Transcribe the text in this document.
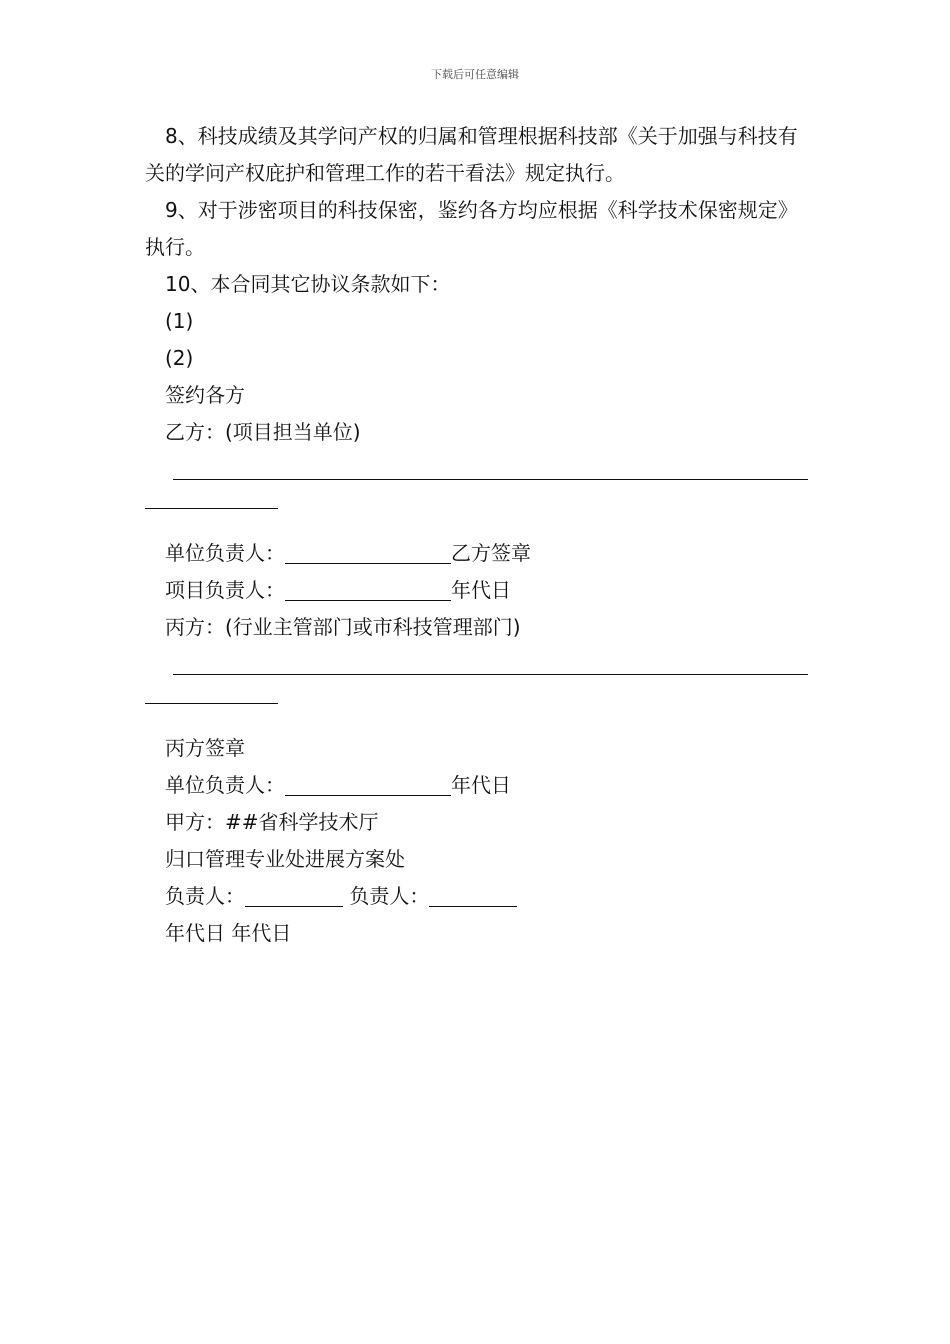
下载后可任意编辑

8、科技成绩及其学问产权的归属和管理根据科技部《关于加强与科技有关的学问产权庇护和管理工作的若干看法》规定执行。

9、对于涉密项目的科技保密，鉴约各方均应根据《科学技术保密规定》执行。

10、本合同其它协议条款如下：

(1)

(2)

签约各方

乙方：(项目担当单位)

单位负责人：	乙方签章

项目负责人：	年代日

丙方：(行业主管部门或市科技管理部门)

丙方签章

单位负责人：	年代日

甲方：##省科学技术厅

归口管理专业处进展方案处

负责人：	负责人：

年代日 年代日
